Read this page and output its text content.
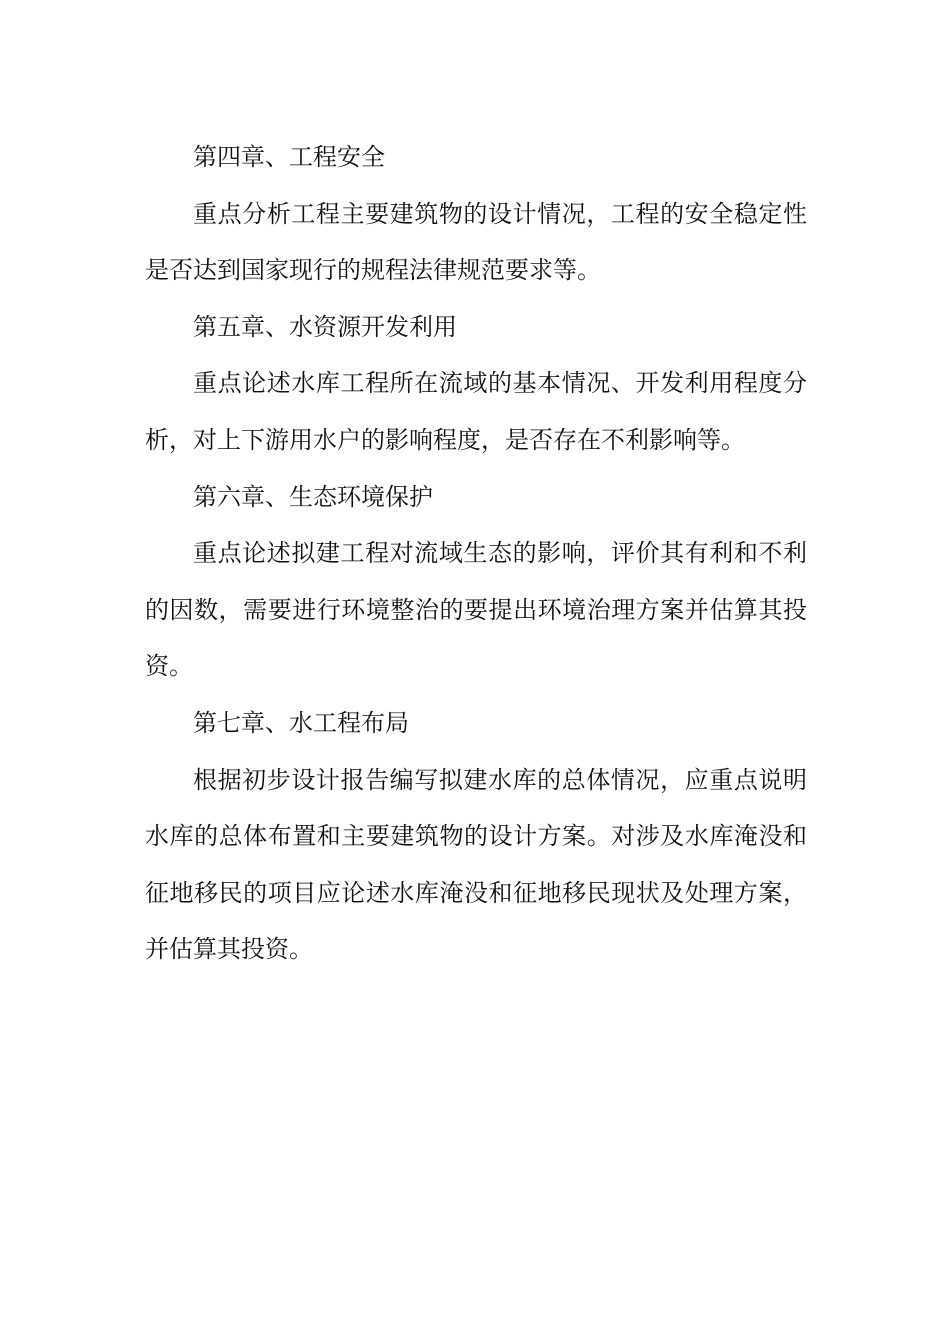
第四章、工程安全

重点分析工程主要建筑物的设计情况，工程的安全稳定性是否达到国家现行的规程法律规范要求等。

第五章、水资源开发利用

重点论述水库工程所在流域的基本情况、开发利用程度分析，对上下游用水户的影响程度，是否存在不利影响等。

第六章、生态环境保护

重点论述拟建工程对流域生态的影响，评价其有利和不利的因数，需要进行环境整治的要提出环境治理方案并估算其投资。

第七章、水工程布局

根据初步设计报告编写拟建水库的总体情况，应重点说明水库的总体布置和主要建筑物的设计方案。对涉及水库淹没和征地移民的项目应论述水库淹没和征地移民现状及处理方案，并估算其投资。
